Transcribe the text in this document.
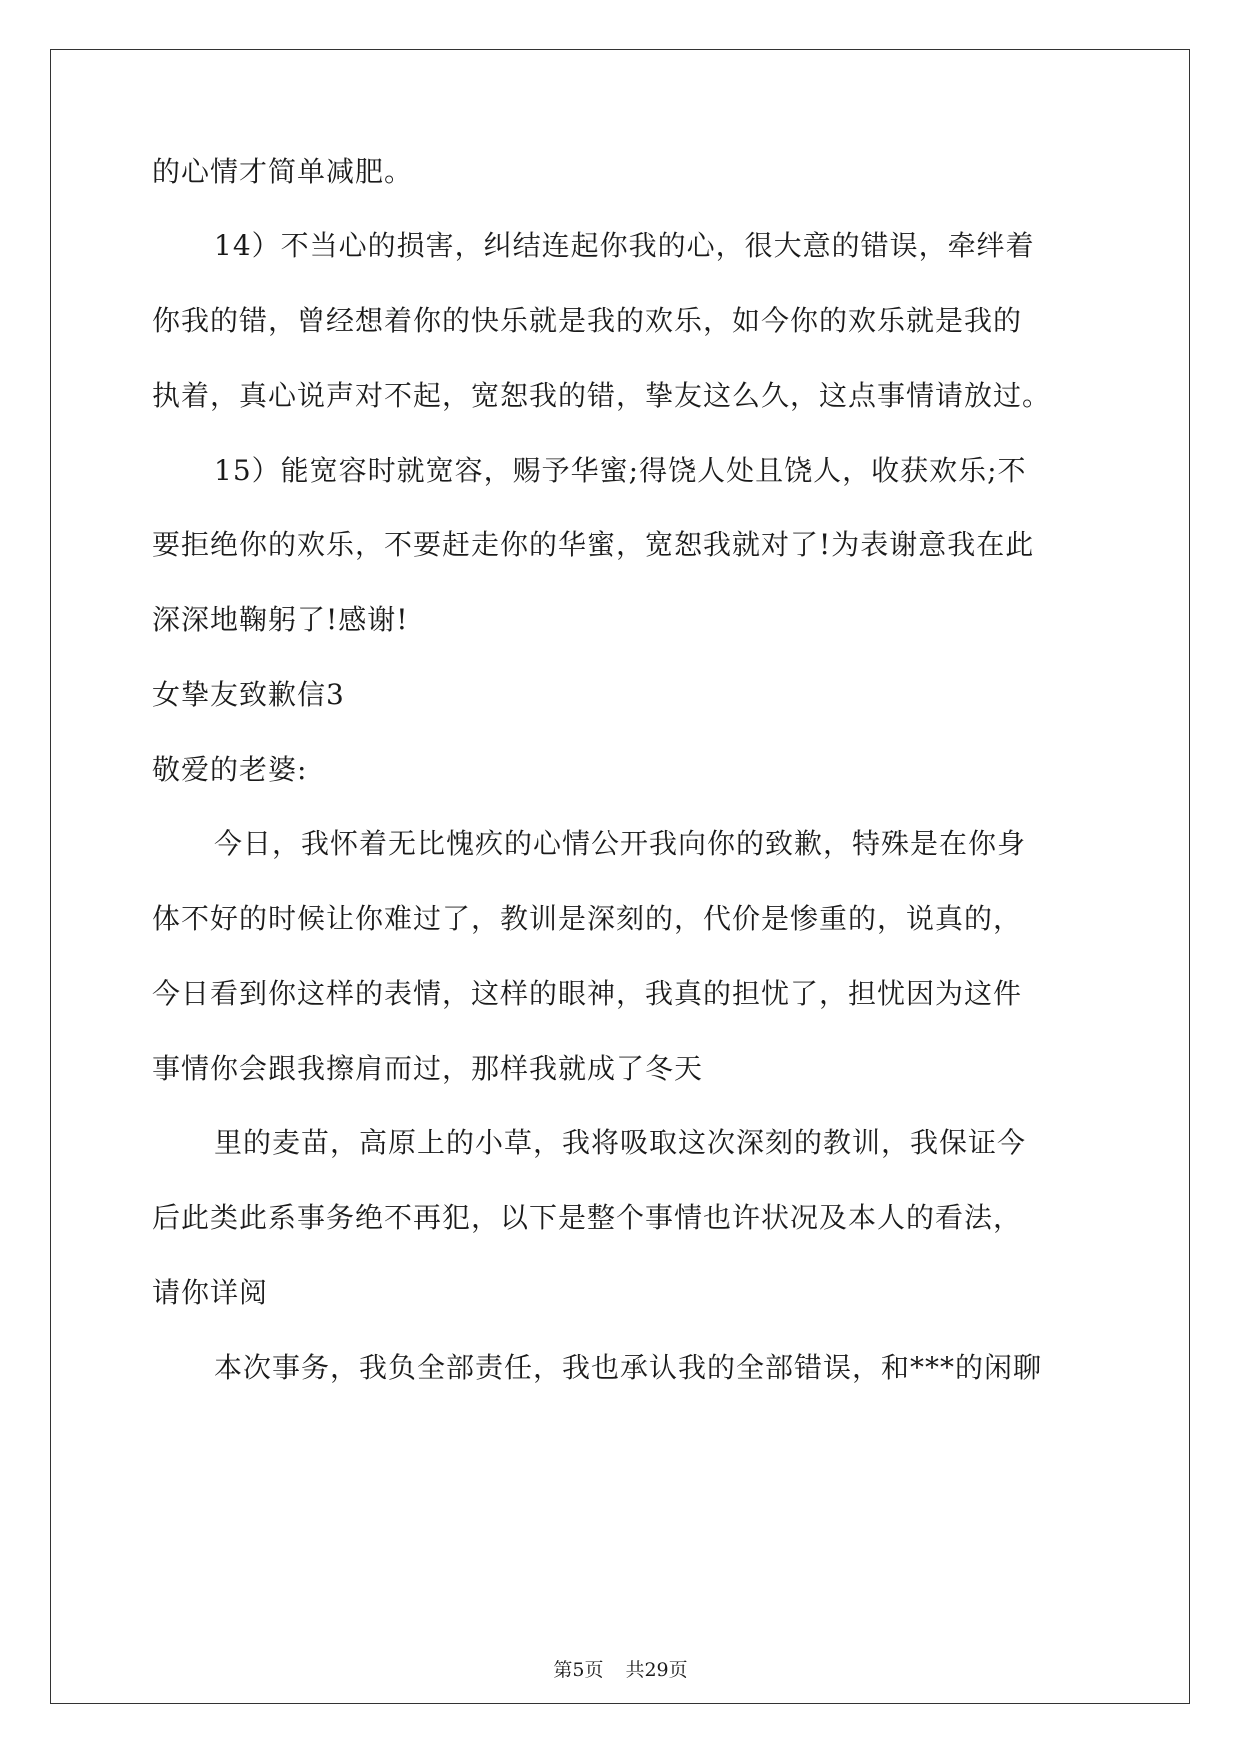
的心情才简单减肥。
14）不当心的损害，纠结连起你我的心，很大意的错误，牵绊着
你我的错，曾经想着你的快乐就是我的欢乐，如今你的欢乐就是我的
执着，真心说声对不起，宽恕我的错，挚友这么久，这点事情请放过。
15）能宽容时就宽容，赐予华蜜;得饶人处且饶人，收获欢乐;不
要拒绝你的欢乐，不要赶走你的华蜜，宽恕我就对了!为表谢意我在此
深深地鞠躬了!感谢!
女挚友致歉信3
敬爱的老婆:
今日，我怀着无比愧疚的心情公开我向你的致歉，特殊是在你身
体不好的时候让你难过了，教训是深刻的，代价是惨重的，说真的，
今日看到你这样的表情，这样的眼神，我真的担忧了，担忧因为这件
事情你会跟我擦肩而过，那样我就成了冬天
里的麦苗，高原上的小草，我将吸取这次深刻的教训，我保证今
后此类此系事务绝不再犯，以下是整个事情也许状况及本人的看法，
请你详阅
本次事务，我负全部责任，我也承认我的全部错误，和***的闲聊
第5页 共29页
